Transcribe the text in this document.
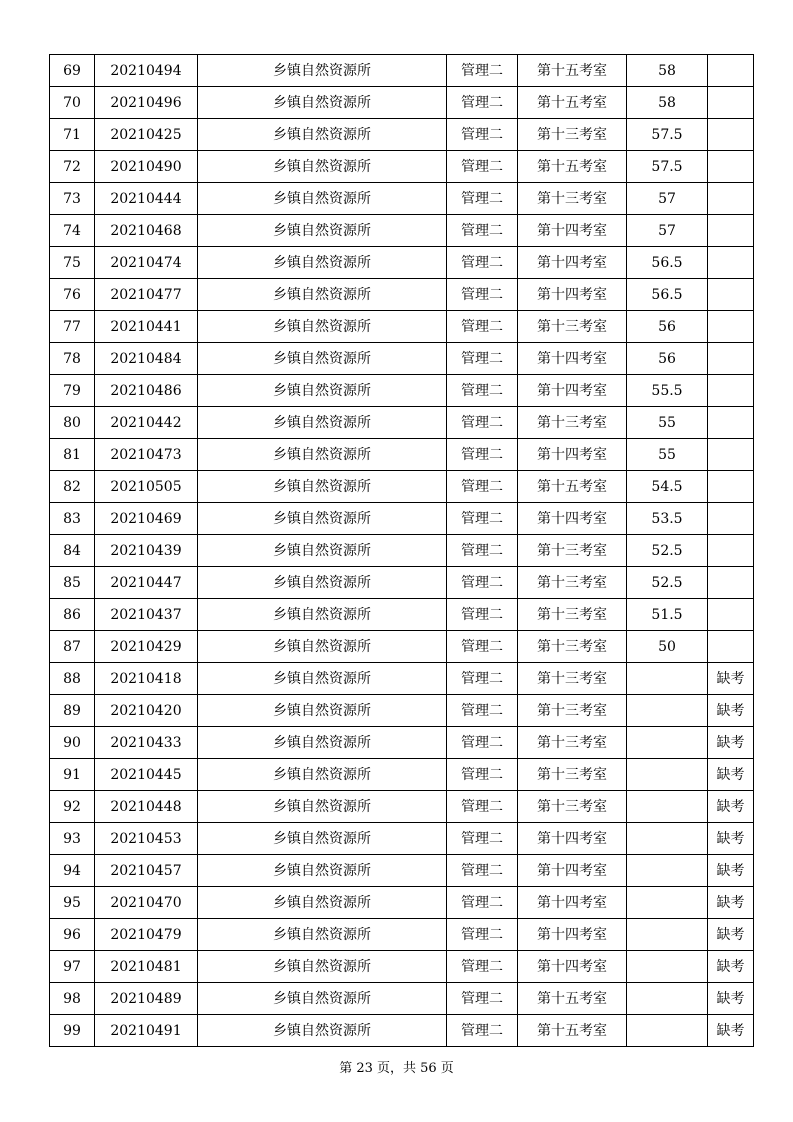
69	20210494	乡镇自然资源所	管理二	第十五考室	58	
70	20210496	乡镇自然资源所	管理二	第十五考室	58	
71	20210425	乡镇自然资源所	管理二	第十三考室	57.5	
72	20210490	乡镇自然资源所	管理二	第十五考室	57.5	
73	20210444	乡镇自然资源所	管理二	第十三考室	57	
74	20210468	乡镇自然资源所	管理二	第十四考室	57	
75	20210474	乡镇自然资源所	管理二	第十四考室	56.5	
76	20210477	乡镇自然资源所	管理二	第十四考室	56.5	
77	20210441	乡镇自然资源所	管理二	第十三考室	56	
78	20210484	乡镇自然资源所	管理二	第十四考室	56	
79	20210486	乡镇自然资源所	管理二	第十四考室	55.5	
80	20210442	乡镇自然资源所	管理二	第十三考室	55	
81	20210473	乡镇自然资源所	管理二	第十四考室	55	
82	20210505	乡镇自然资源所	管理二	第十五考室	54.5	
83	20210469	乡镇自然资源所	管理二	第十四考室	53.5	
84	20210439	乡镇自然资源所	管理二	第十三考室	52.5	
85	20210447	乡镇自然资源所	管理二	第十三考室	52.5	
86	20210437	乡镇自然资源所	管理二	第十三考室	51.5	
87	20210429	乡镇自然资源所	管理二	第十三考室	50	
88	20210418	乡镇自然资源所	管理二	第十三考室		缺考
89	20210420	乡镇自然资源所	管理二	第十三考室		缺考
90	20210433	乡镇自然资源所	管理二	第十三考室		缺考
91	20210445	乡镇自然资源所	管理二	第十三考室		缺考
92	20210448	乡镇自然资源所	管理二	第十三考室		缺考
93	20210453	乡镇自然资源所	管理二	第十四考室		缺考
94	20210457	乡镇自然资源所	管理二	第十四考室		缺考
95	20210470	乡镇自然资源所	管理二	第十四考室		缺考
96	20210479	乡镇自然资源所	管理二	第十四考室		缺考
97	20210481	乡镇自然资源所	管理二	第十四考室		缺考
98	20210489	乡镇自然资源所	管理二	第十五考室		缺考
99	20210491	乡镇自然资源所	管理二	第十五考室		缺考
第 23 页，共 56 页
